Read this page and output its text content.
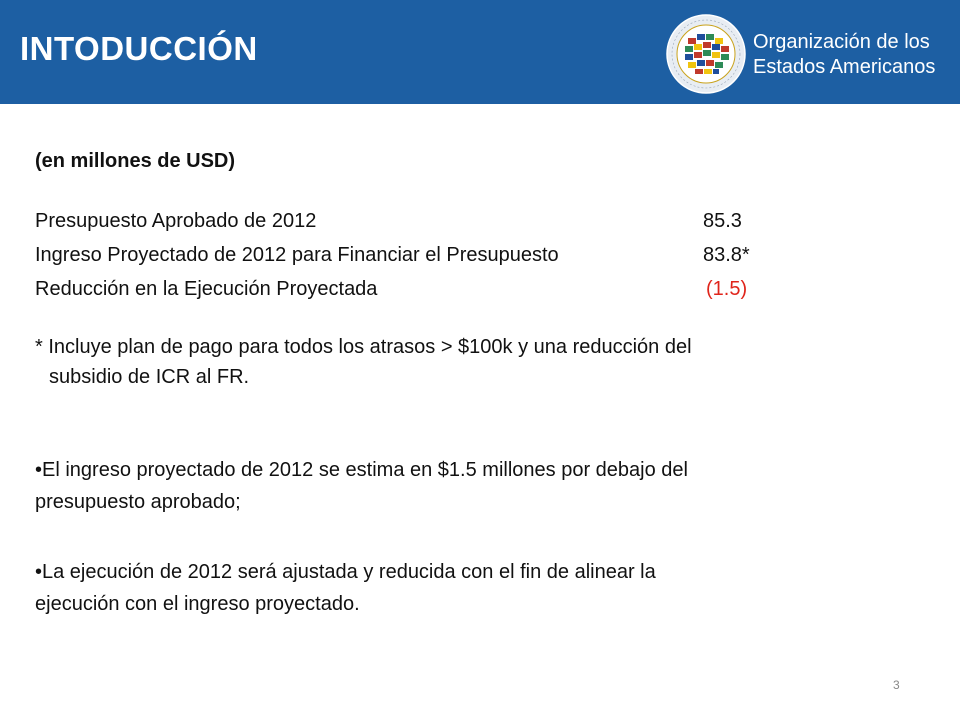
INTODUCCIÓN	Organización de los
Estados Americanos
(en millones de USD)
Presupuesto Aprobado de 2012	85.3
Ingreso Proyectado de 2012 para Financiar el Presupuesto	83.8*
Reducción en la Ejecución Proyectada	(1.5)
* Incluye plan de pago para todos los atrasos > $100k y una reducción del
subsidio de ICR al FR.
•El ingreso proyectado de 2012 se estima en $1.5 millones por debajo del
presupuesto aprobado;
•La ejecución de 2012 será ajustada y reducida con el fin de alinear la
ejecución con el ingreso proyectado.
3
